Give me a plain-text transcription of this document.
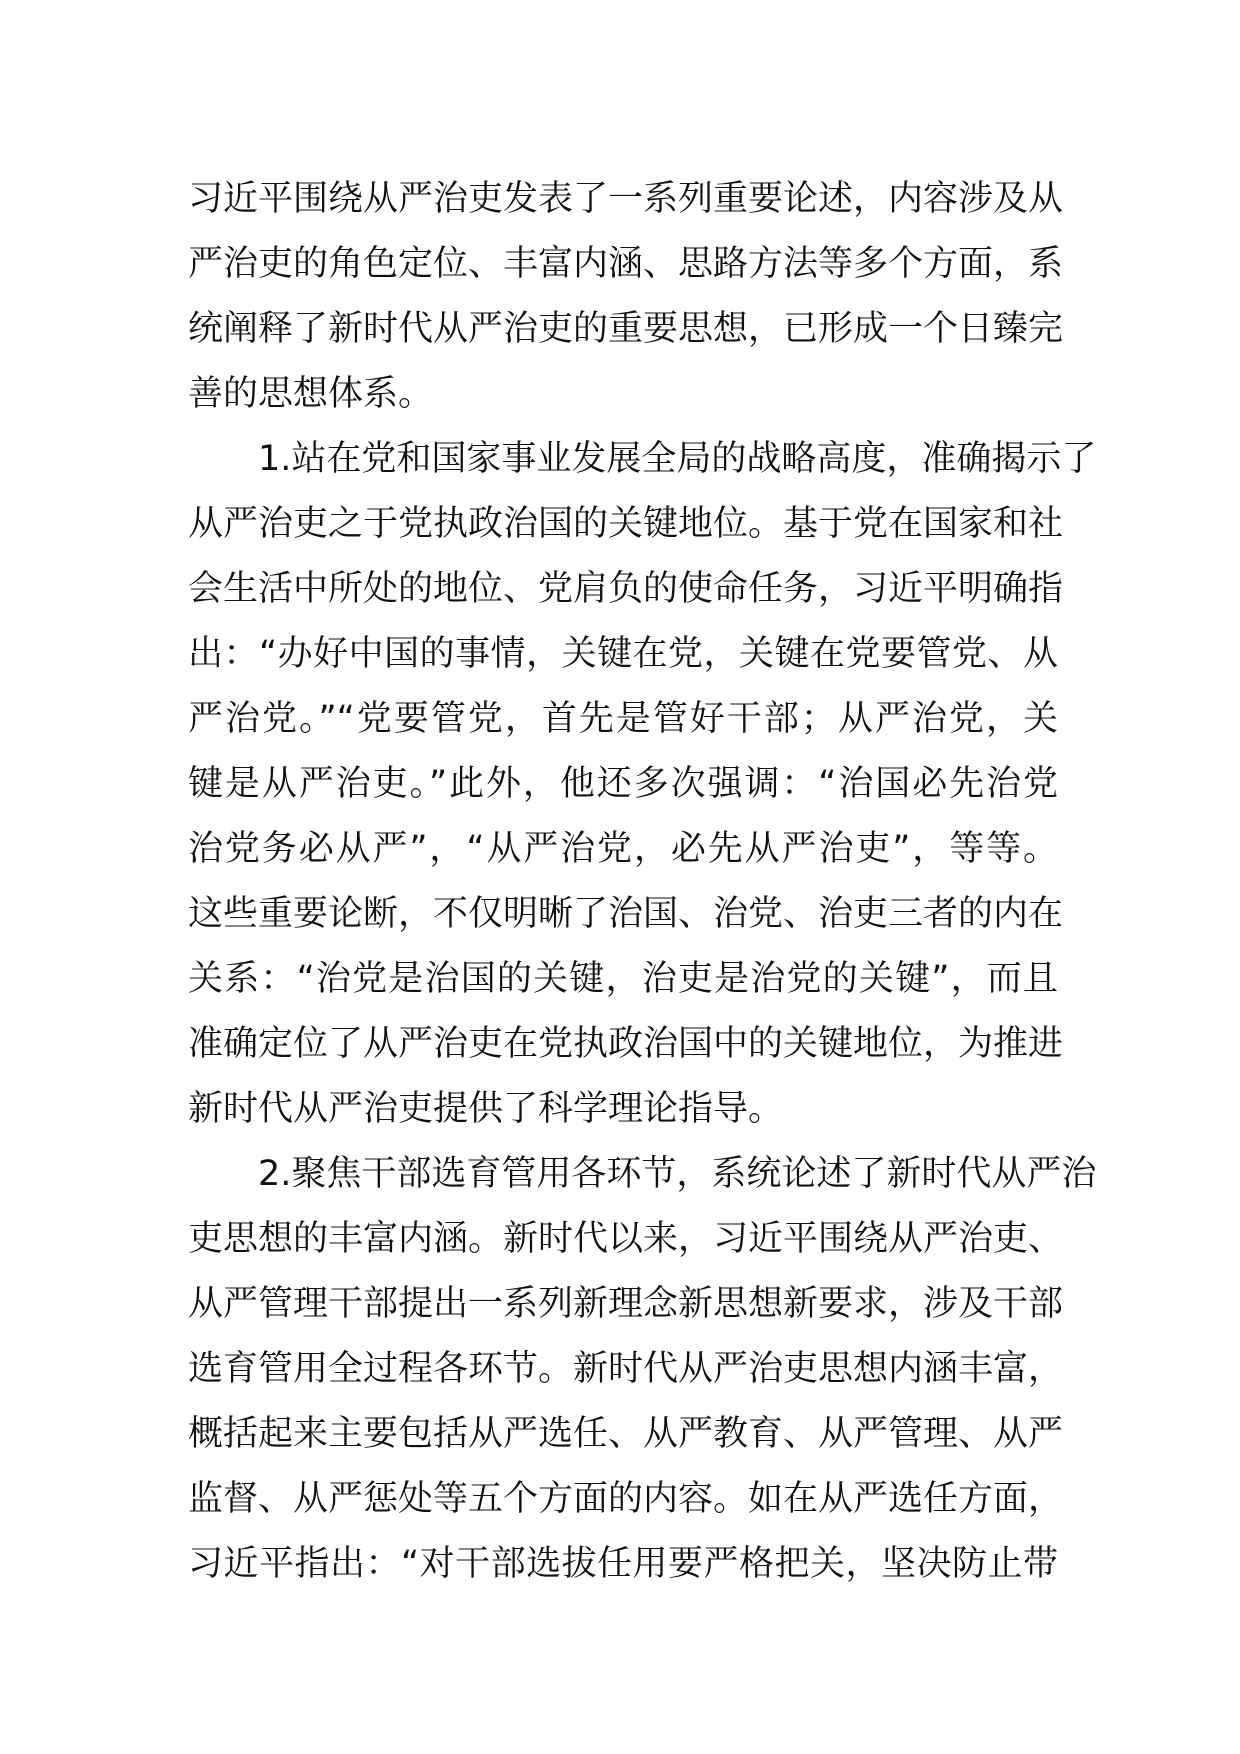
习近平围绕从严治吏发表了一系列重要论述，内容涉及从
严治吏的角色定位、丰富内涵、思路方法等多个方面，系
统阐释了新时代从严治吏的重要思想，已形成一个日臻完
善的思想体系。
1.站在党和国家事业发展全局的战略高度，准确揭示了
从严治吏之于党执政治国的关键地位。基于党在国家和社
会生活中所处的地位、党肩负的使命任务，习近平明确指
出：“办好中国的事情，关键在党，关键在党要管党、从
严治党。”“党要管党，首先是管好干部；从严治党，关
键是从严治吏。”此外，他还多次强调：“治国必先治党
治党务必从严”，“从严治党，必先从严治吏”，等等。
这些重要论断，不仅明晰了治国、治党、治吏三者的内在
关系：“治党是治国的关键，治吏是治党的关键”，而且
准确定位了从严治吏在党执政治国中的关键地位，为推进
新时代从严治吏提供了科学理论指导。
2.聚焦干部选育管用各环节，系统论述了新时代从严治
吏思想的丰富内涵。新时代以来，习近平围绕从严治吏、
从严管理干部提出一系列新理念新思想新要求，涉及干部
选育管用全过程各环节。新时代从严治吏思想内涵丰富，
概括起来主要包括从严选任、从严教育、从严管理、从严
监督、从严惩处等五个方面的内容。如在从严选任方面，
习近平指出：“对干部选拔任用要严格把关，坚决防止带
